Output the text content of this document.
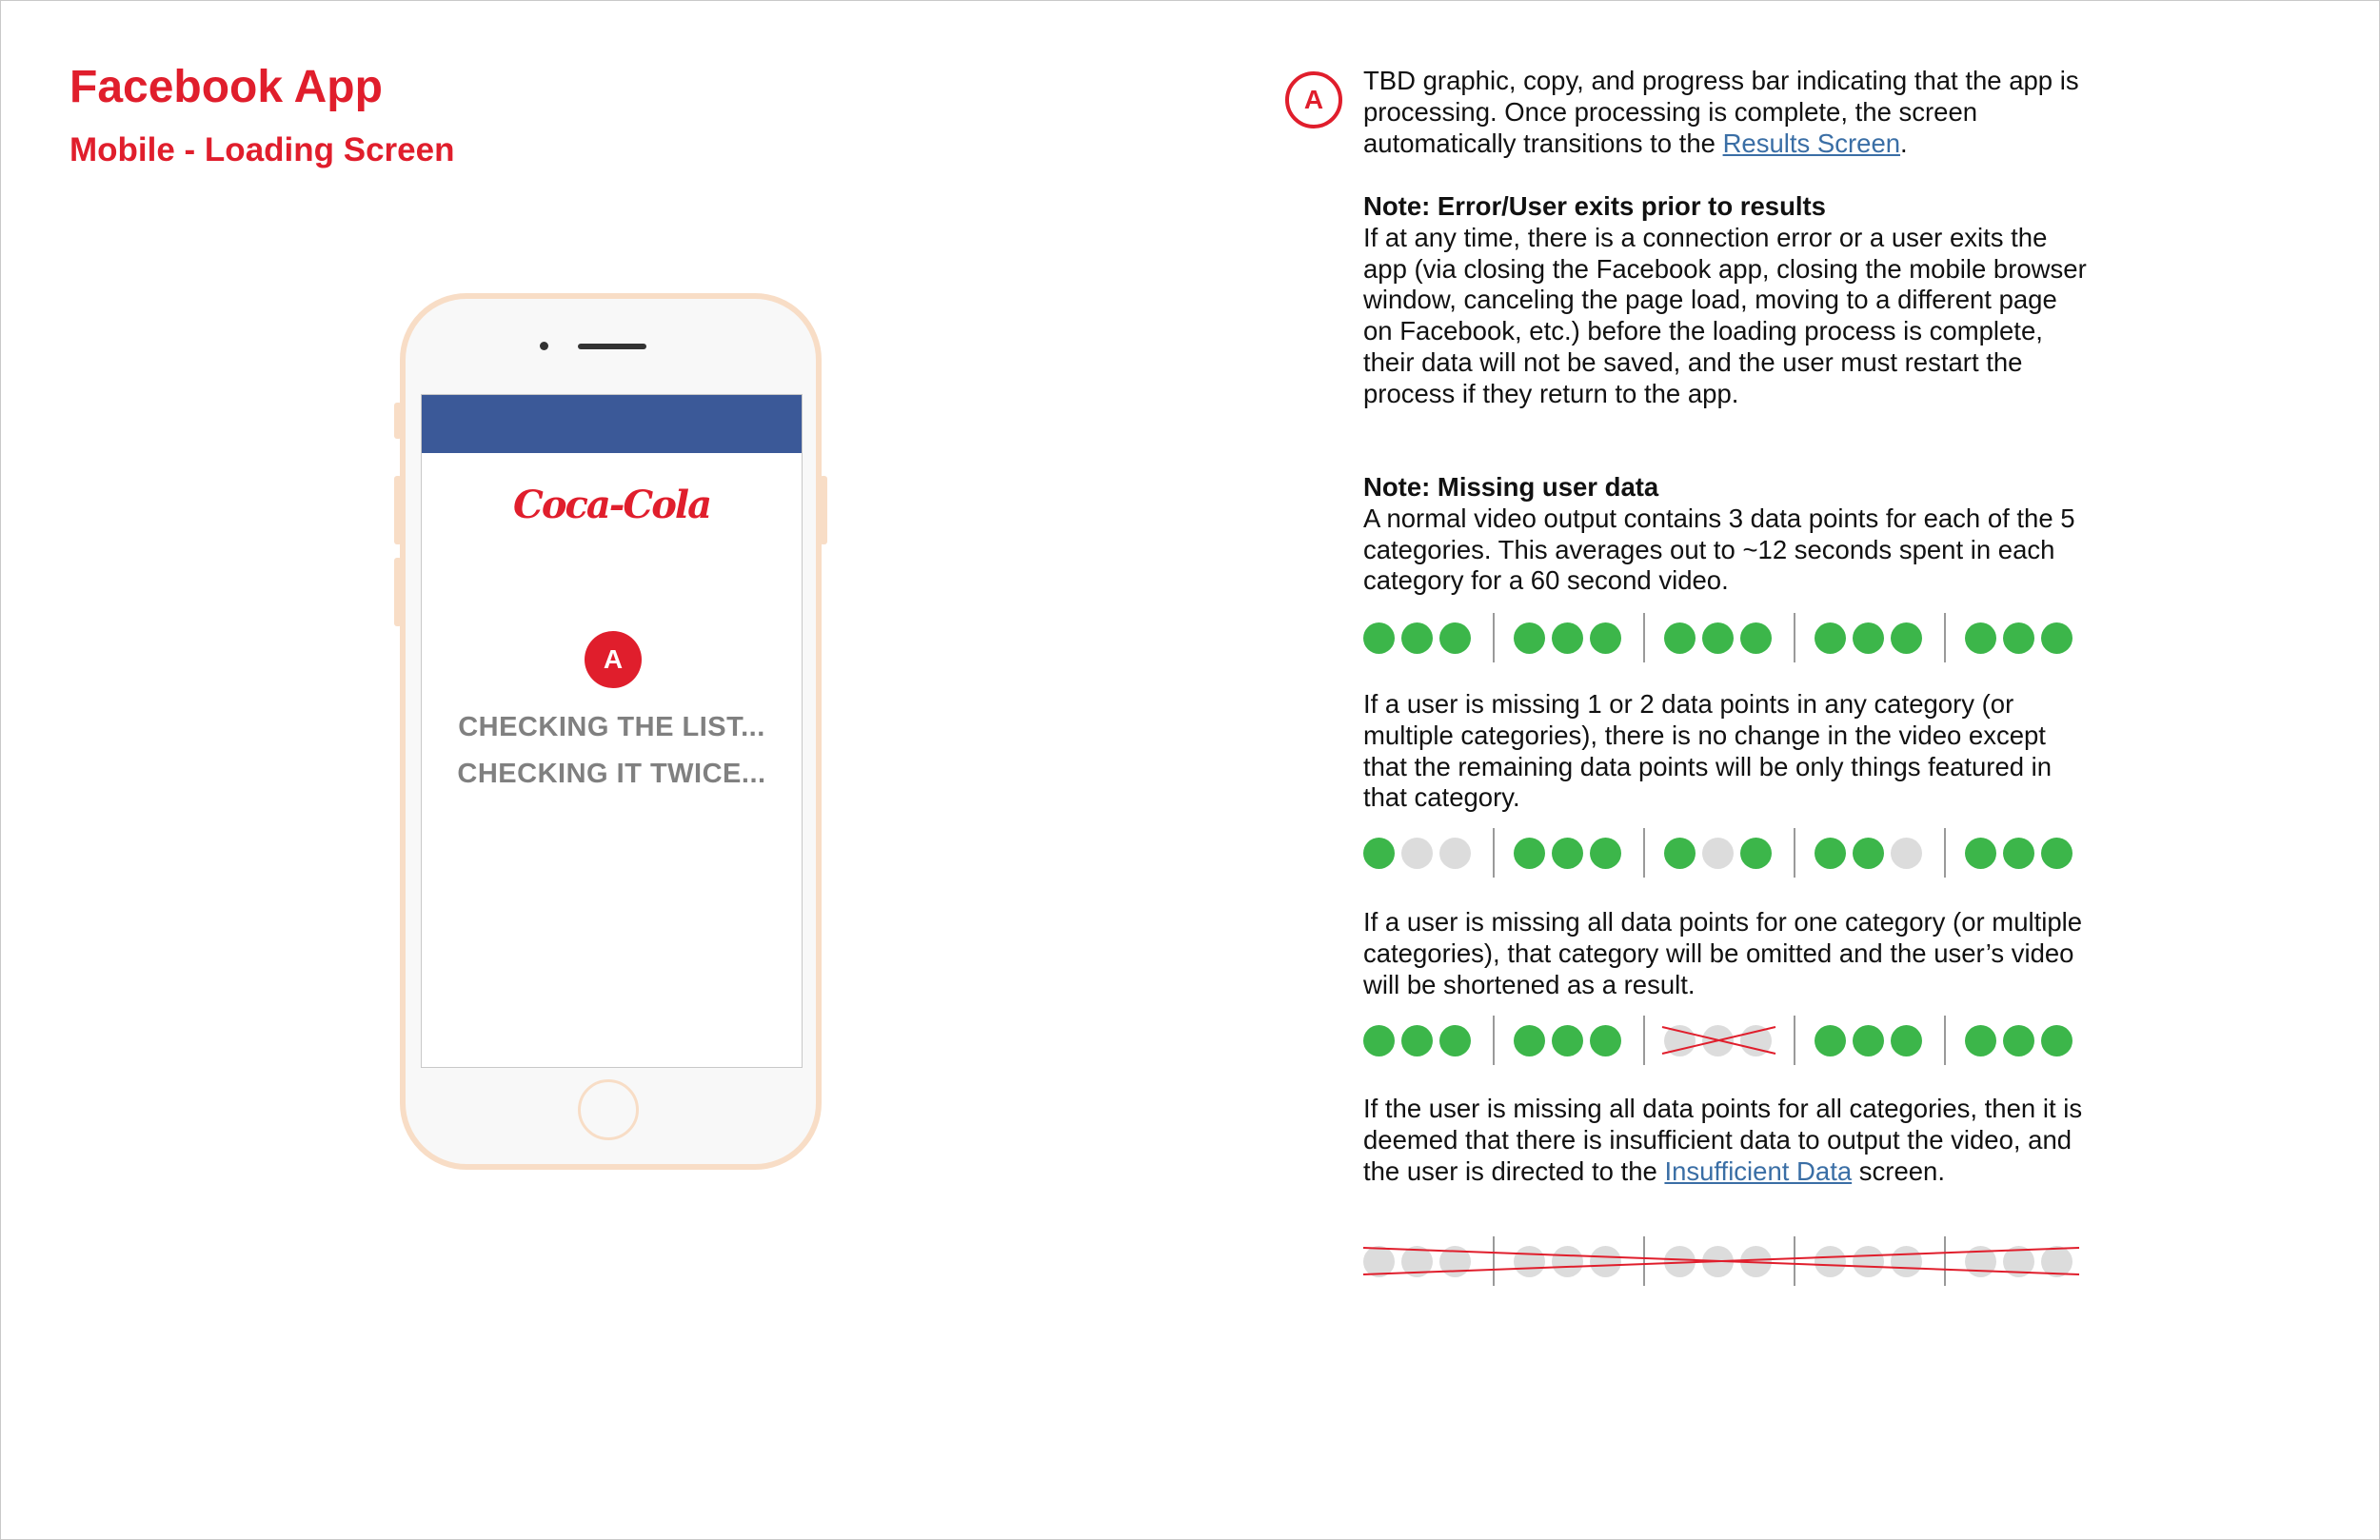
Facebook App
Mobile - Loading Screen
Coca-Cola
A
CHECKING THE LIST...
CHECKING IT TWICE...
A

TBD graphic, copy, and progress bar indicating that the app is processing. Once processing is complete, the screen automatically transitions to the Results Screen.

Note: Error/User exits prior to results
If at any time, there is a connection error or a user exits the app (via closing the Facebook app, closing the mobile browser window, canceling the page load, moving to a different page on Facebook, etc.) before the loading process is complete, their data will not be saved, and the user must restart the process if they return to the app.

Note: Missing user data
A normal video output contains 3 data points for each of the 5 categories. This averages out to ~12 seconds spent in each category for a 60 second video.

If a user is missing 1 or 2 data points in any category (or multiple categories), there is no change in the video except that the remaining data points will be only things featured in that category.

If a user is missing all data points for one category (or multiple categories), that category will be omitted and the user’s video will be shortened as a result.

If the user is missing all data points for all categories, then it is deemed that there is insufficient data to output the video, and the user is directed to the Insufficient Data screen.
